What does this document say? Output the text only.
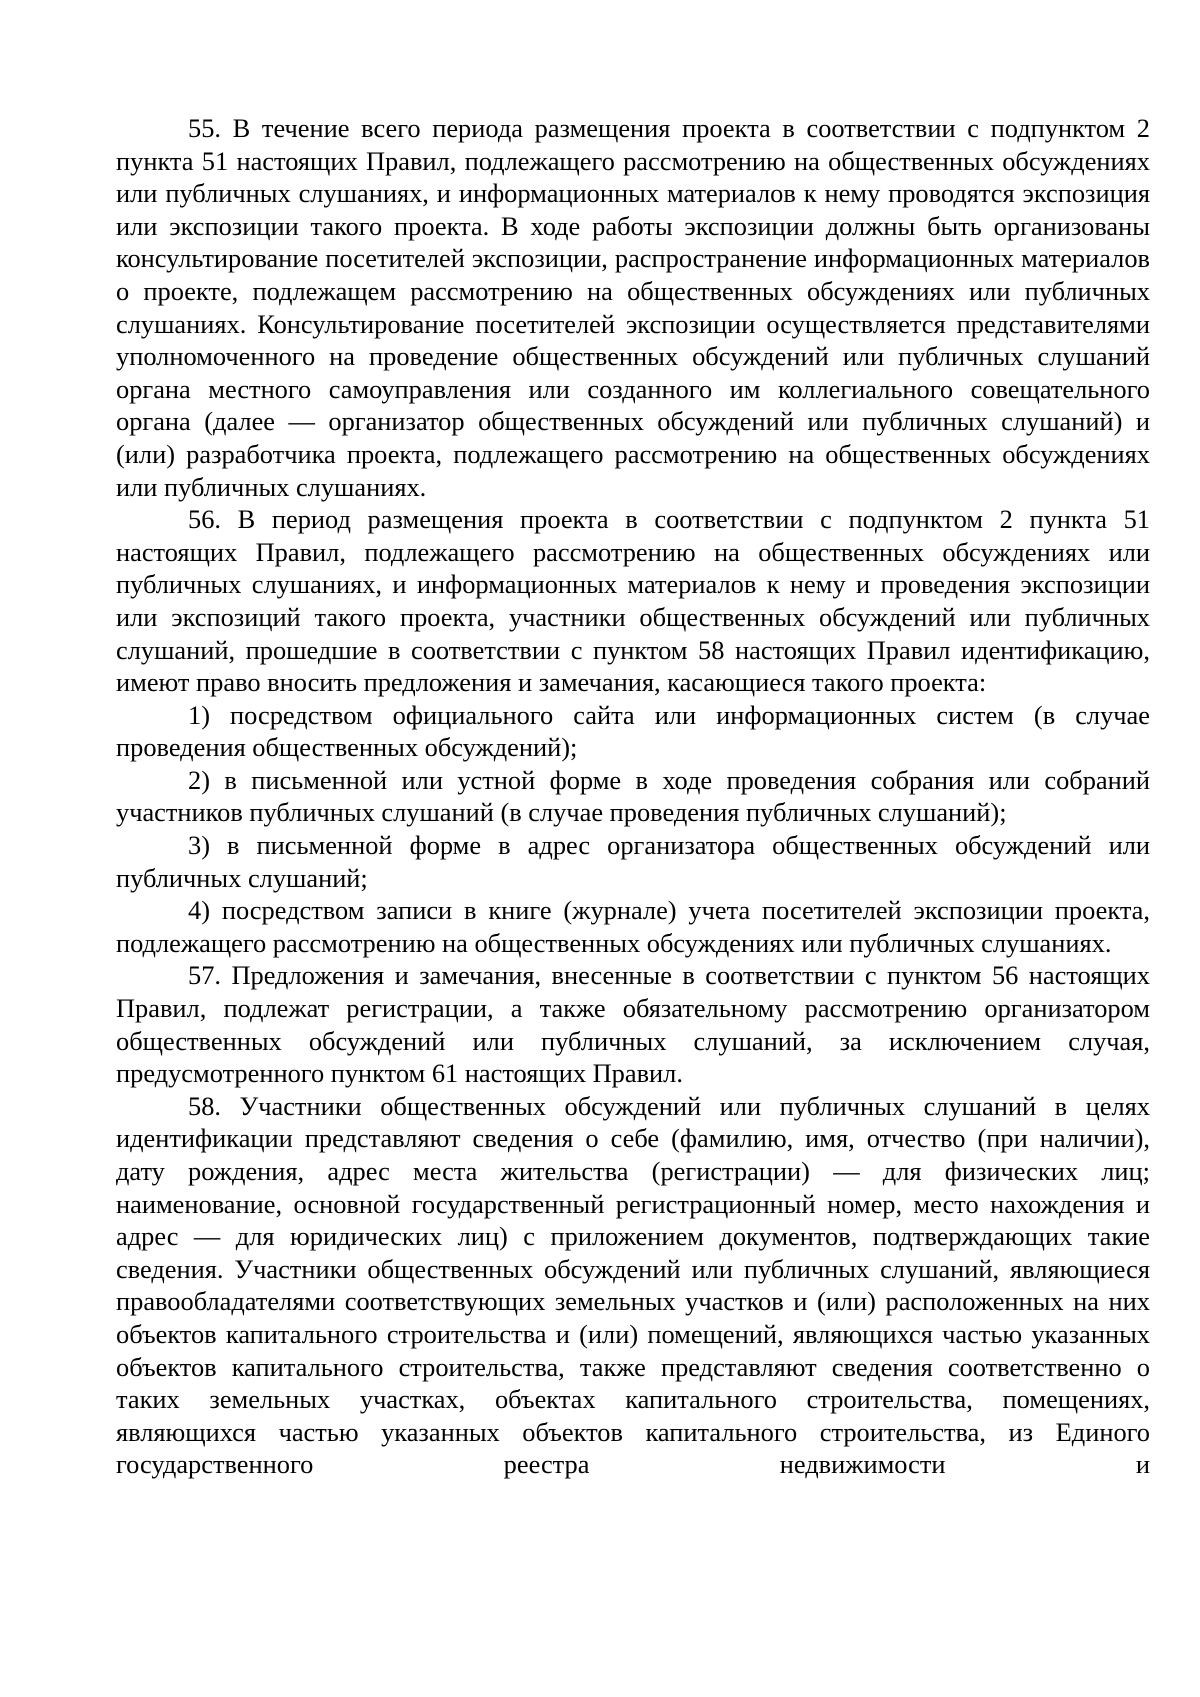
55. В течение всего периода размещения проекта в соответствии с подпунктом 2 пункта 51 настоящих Правил, подлежащего рассмотрению на общественных обсуждениях или публичных слушаниях, и информационных материалов к нему проводятся экспозиция или экспозиции такого проекта. В ходе работы экспозиции должны быть организованы консультирование посетителей экспозиции, распространение информационных материалов о проекте, подлежащем рассмотрению на общественных обсуждениях или публичных слушаниях. Консультирование посетителей экспозиции осуществляется представителями уполномоченного на проведение общественных обсуждений или публичных слушаний органа местного самоуправления или созданного им коллегиального совещательного органа (далее — организатор общественных обсуждений или публичных слушаний) и (или) разработчика проекта, подлежащего рассмотрению на общественных обсуждениях или публичных слушаниях.

56. В период размещения проекта в соответствии с подпунктом 2 пункта 51 настоящих Правил, подлежащего рассмотрению на общественных обсуждениях или публичных слушаниях, и информационных материалов к нему и проведения экспозиции или экспозиций такого проекта, участники общественных обсуждений или публичных слушаний, прошедшие в соответствии с пунктом 58 настоящих Правил идентификацию, имеют право вносить предложения и замечания, касающиеся такого проекта:

1) посредством официального сайта или информационных систем (в случае проведения общественных обсуждений);

2) в письменной или устной форме в ходе проведения собрания или собраний участников публичных слушаний (в случае проведения публичных слушаний);

3) в письменной форме в адрес организатора общественных обсуждений или публичных слушаний;

4) посредством записи в книге (журнале) учета посетителей экспозиции проекта, подлежащего рассмотрению на общественных обсуждениях или публичных слушаниях.

57. Предложения и замечания, внесенные в соответствии с пунктом 56 настоящих Правил, подлежат регистрации, а также обязательному рассмотрению организатором общественных обсуждений или публичных слушаний, за исключением случая, предусмотренного пунктом 61 настоящих Правил.

58. Участники общественных обсуждений или публичных слушаний в целях идентификации представляют сведения о себе (фамилию, имя, отчество (при наличии), дату рождения, адрес места жительства (регистрации) — для физических лиц; наименование, основной государственный регистрационный номер, место нахождения и адрес — для юридических лиц) с приложением документов, подтверждающих такие сведения. Участники общественных обсуждений или публичных слушаний, являющиеся правообладателями соответствующих земельных участков и (или) расположенных на них объектов капитального строительства и (или) помещений, являющихся частью указанных объектов капитального строительства, также представляют сведения соответственно о таких земельных участках, объектах капитального строительства, помещениях, являющихся частью указанных объектов капитального строительства, из Единого государственного реестра недвижимости и
